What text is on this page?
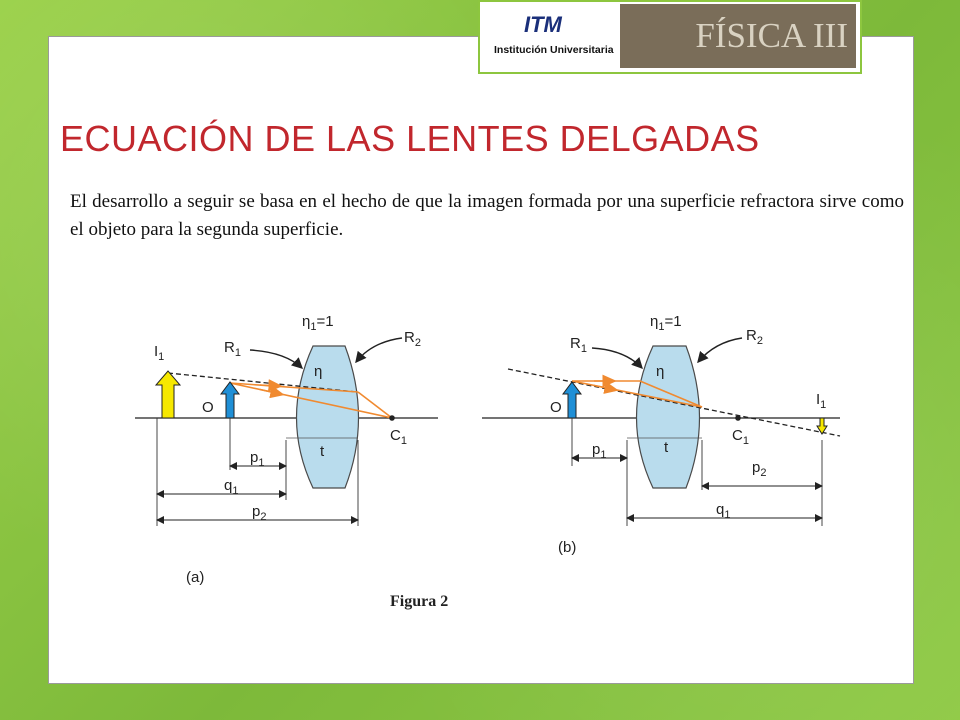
ITM
Institución Universitaria FÍSICA III
ECUACIÓN DE LAS LENTES DELGADAS

El desarrollo a seguir se basa en el hecho de que la imagen formada por una superficie refractora sirve como el objeto para la segunda superficie.

$\eta_1=1$
η
$R_1$
$R_2$
$I_1$
O
$C_1$
t
$p_1$
$q_1$
$p_2$
(a)
$\eta_1=1$
η
$R_1$
$R_2$
$I_1$
O
$C_1$
t
$p_1$
$p_2$
$q_1$
(b)
Figura 2
